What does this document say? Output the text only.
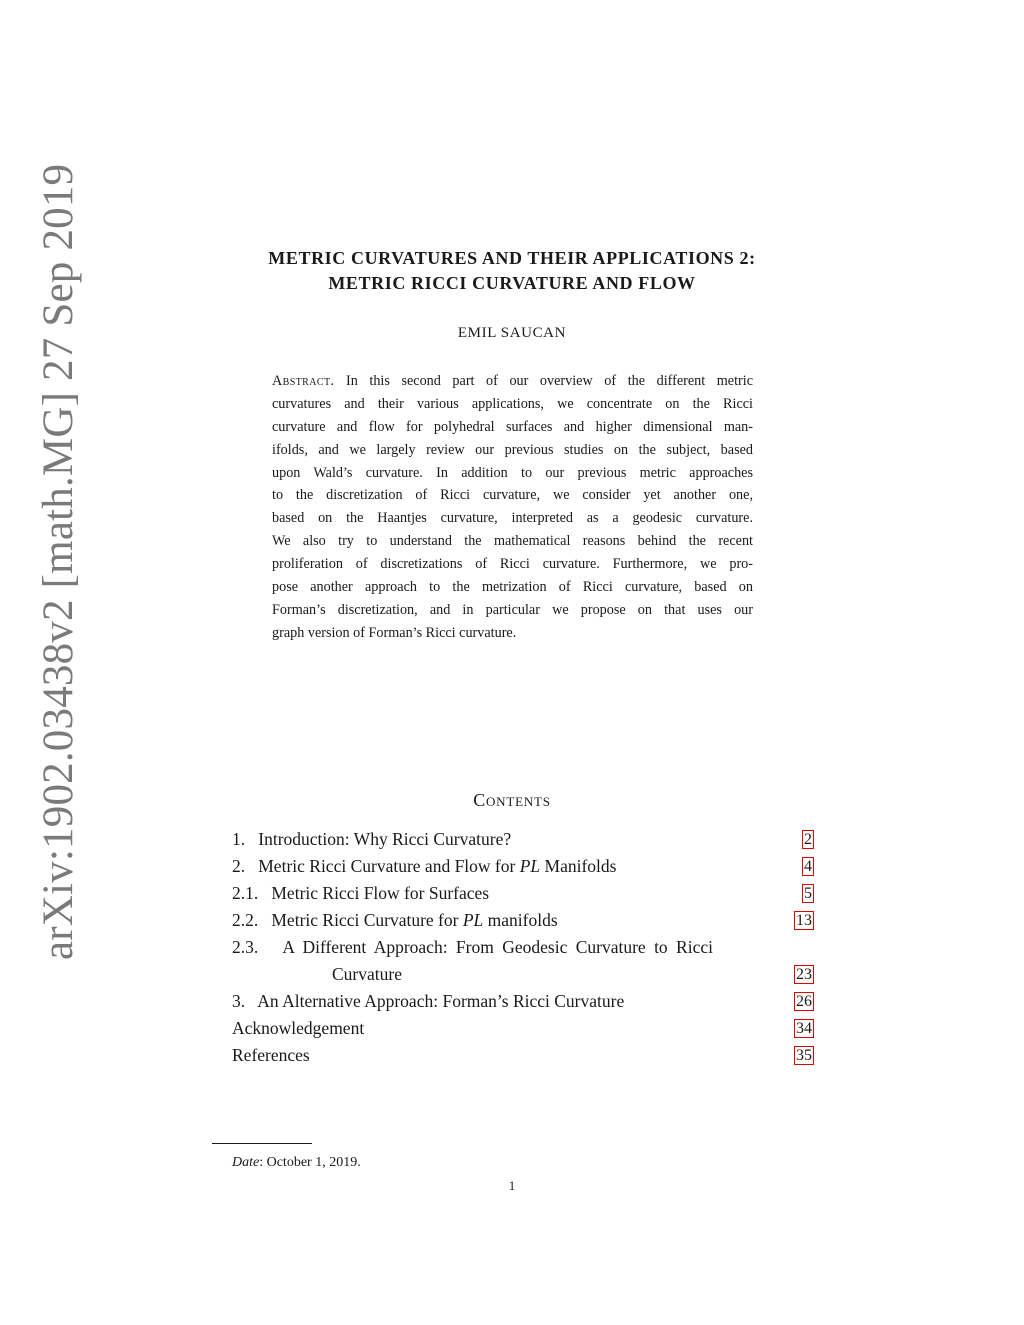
arXiv:1902.03438v2 [math.MG] 27 Sep 2019	METRIC CURVATURES AND THEIR APPLICATIONS 2:
METRIC RICCI CURVATURE AND FLOW
EMIL SAUCAN
Abstract. In this second part of our overview of the different metric
curvatures and their various applications, we concentrate on the Ricci
curvature and flow for polyhedral surfaces and higher dimensional man-
ifolds, and we largely review our previous studies on the subject, based
upon Wald’s curvature. In addition to our previous metric approaches
to the discretization of Ricci curvature, we consider yet another one,
based on the Haantjes curvature, interpreted as a geodesic curvature.
We also try to understand the mathematical reasons behind the recent
proliferation of discretizations of Ricci curvature. Furthermore, we pro-
pose another approach to the metrization of Ricci curvature, based on
Forman’s discretization, and in particular we propose on that uses our
graph version of Forman’s Ricci curvature.
Contents
1. Introduction: Why Ricci Curvature?	2
2. Metric Ricci Curvature and Flow for PL Manifolds	4
2.1. Metric Ricci Flow for Surfaces	5
2.2. Metric Ricci Curvature for PL manifolds	13
2.3. A Different Approach: From Geodesic Curvature to Ricci
Curvature	23
3. An Alternative Approach: Forman’s Ricci Curvature	26
Acknowledgement	34
References	35
Date: October 1, 2019.
1
